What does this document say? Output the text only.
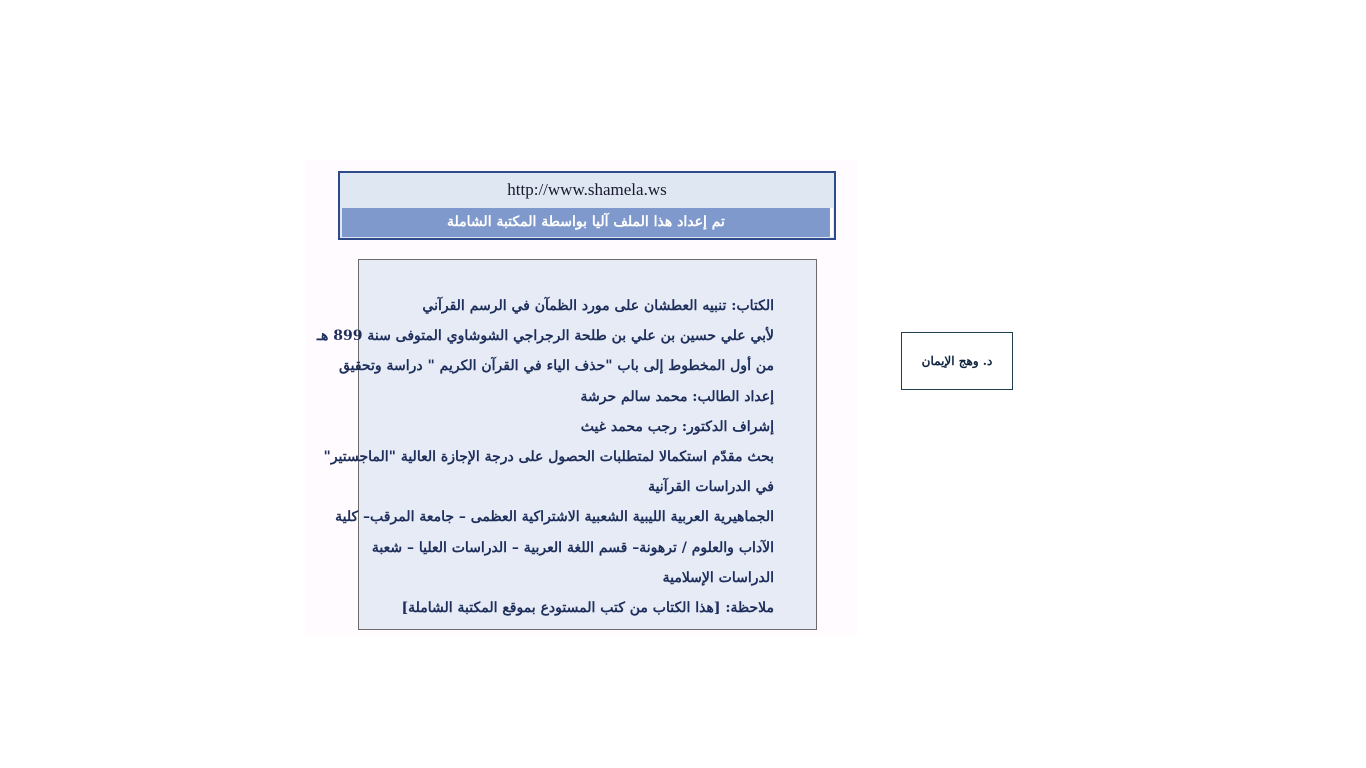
http://www.shamela.ws
تم إعداد هذا الملف آليا بواسطة المكتبة الشاملة
الكتاب: تنبيه العطشان على مورد الظمآن في الرسم القرآني
لأبي علي حسين بن علي بن طلحة الرجراجي الشوشاوي المتوفى سنة 899 هـ
من أول المخطوط إلى باب "حذف الياء في القرآن الكريم " دراسة وتحقيق
إعداد الطالب: محمد سالم حرشة
إشراف الدكتور: رجب محمد غيث
بحث مقدّم استكمالا لمتطلبات الحصول على درجة الإجازة العالية "الماجستير"
في الدراسات القرآنية
الجماهيرية العربية الليبية الشعبية الاشتراكية العظمى – جامعة المرقب– كلية
الآداب والعلوم / ترهونة– قسم اللغة العربية – الدراسات العليا – شعبة
الدراسات الإسلامية
ملاحظة: [هذا الكتاب من كتب المستودع بموقع المكتبة الشاملة]
د. وهج الإيمان
